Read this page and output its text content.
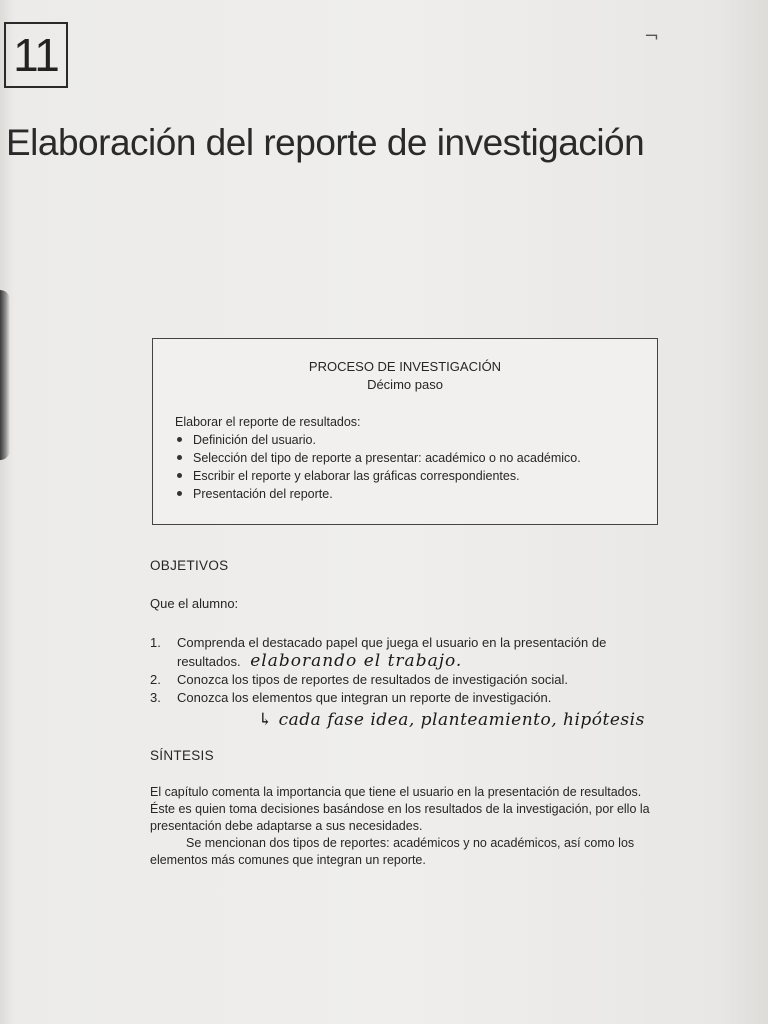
11	¬
Elaboración del reporte de investigación
PROCESO DE INVESTIGACIÓN
Décimo paso
Elaborar el reporte de resultados:
Definición del usuario.
Selección del tipo de reporte a presentar: académico o no académico.
Escribir el reporte y elaborar las gráficas correspondientes.
Presentación del reporte.
OBJETIVOS
Que el alumno:
1. Comprenda el destacado papel que juega el usuario en la presentación de resultados. elaborando el trabajo.
2. Conozca los tipos de reportes de resultados de investigación social.
3. Conozca los elementos que integran un reporte de investigación.
↳ cada fase idea, planteamiento, hipótesis
SÍNTESIS

El capítulo comenta la importancia que tiene el usuario en la presentación de resultados. Éste es quien toma decisiones basándose en los resultados de la investigación, por ello la presentación debe adaptarse a sus necesidades.
Se mencionan dos tipos de reportes: académicos y no académicos, así como los elementos más comunes que integran un reporte.
